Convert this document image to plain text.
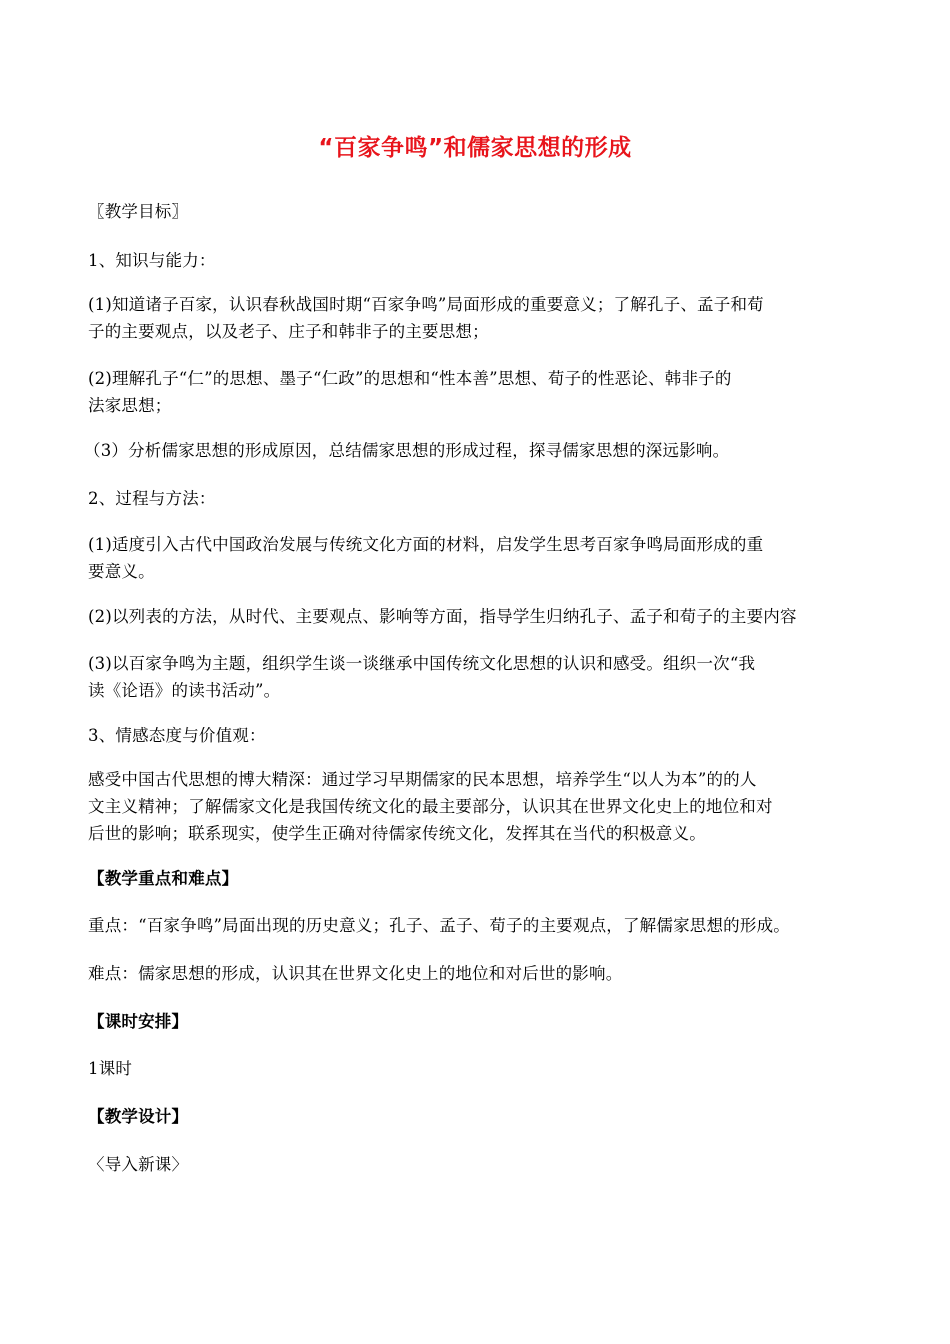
“百家争鸣”和儒家思想的形成
〖教学目标〗
1、知识与能力：
(1)知道诸子百家，认识春秋战国时期“百家争鸣”局面形成的重要意义；了解孔子、孟子和荀
子的主要观点，以及老子、庄子和韩非子的主要思想；
(2)理解孔子“仁”的思想、墨子“仁政”的思想和“性本善”思想、荀子的性恶论、韩非子的
法家思想；
（3）分析儒家思想的形成原因，总结儒家思想的形成过程，探寻儒家思想的深远影响。
2、过程与方法：
(1)适度引入古代中国政治发展与传统文化方面的材料，启发学生思考百家争鸣局面形成的重
要意义。
(2)以列表的方法，从时代、主要观点、影响等方面，指导学生归纳孔子、孟子和荀子的主要内容
(3)以百家争鸣为主题，组织学生谈一谈继承中国传统文化思想的认识和感受。组织一次“我
读《论语》的读书活动”。
3、情感态度与价值观：
感受中国古代思想的博大精深：通过学习早期儒家的民本思想，培养学生“以人为本”的的人
文主义精神；了解儒家文化是我国传统文化的最主要部分，认识其在世界文化史上的地位和对
后世的影响；联系现实，使学生正确对待儒家传统文化，发挥其在当代的积极意义。
【教学重点和难点】
重点：“百家争鸣”局面出现的历史意义；孔子、孟子、荀子的主要观点，了解儒家思想的形成。
难点：儒家思想的形成，认识其在世界文化史上的地位和对后世的影响。
【课时安排】
1课时
【教学设计】
〈导入新课〉
